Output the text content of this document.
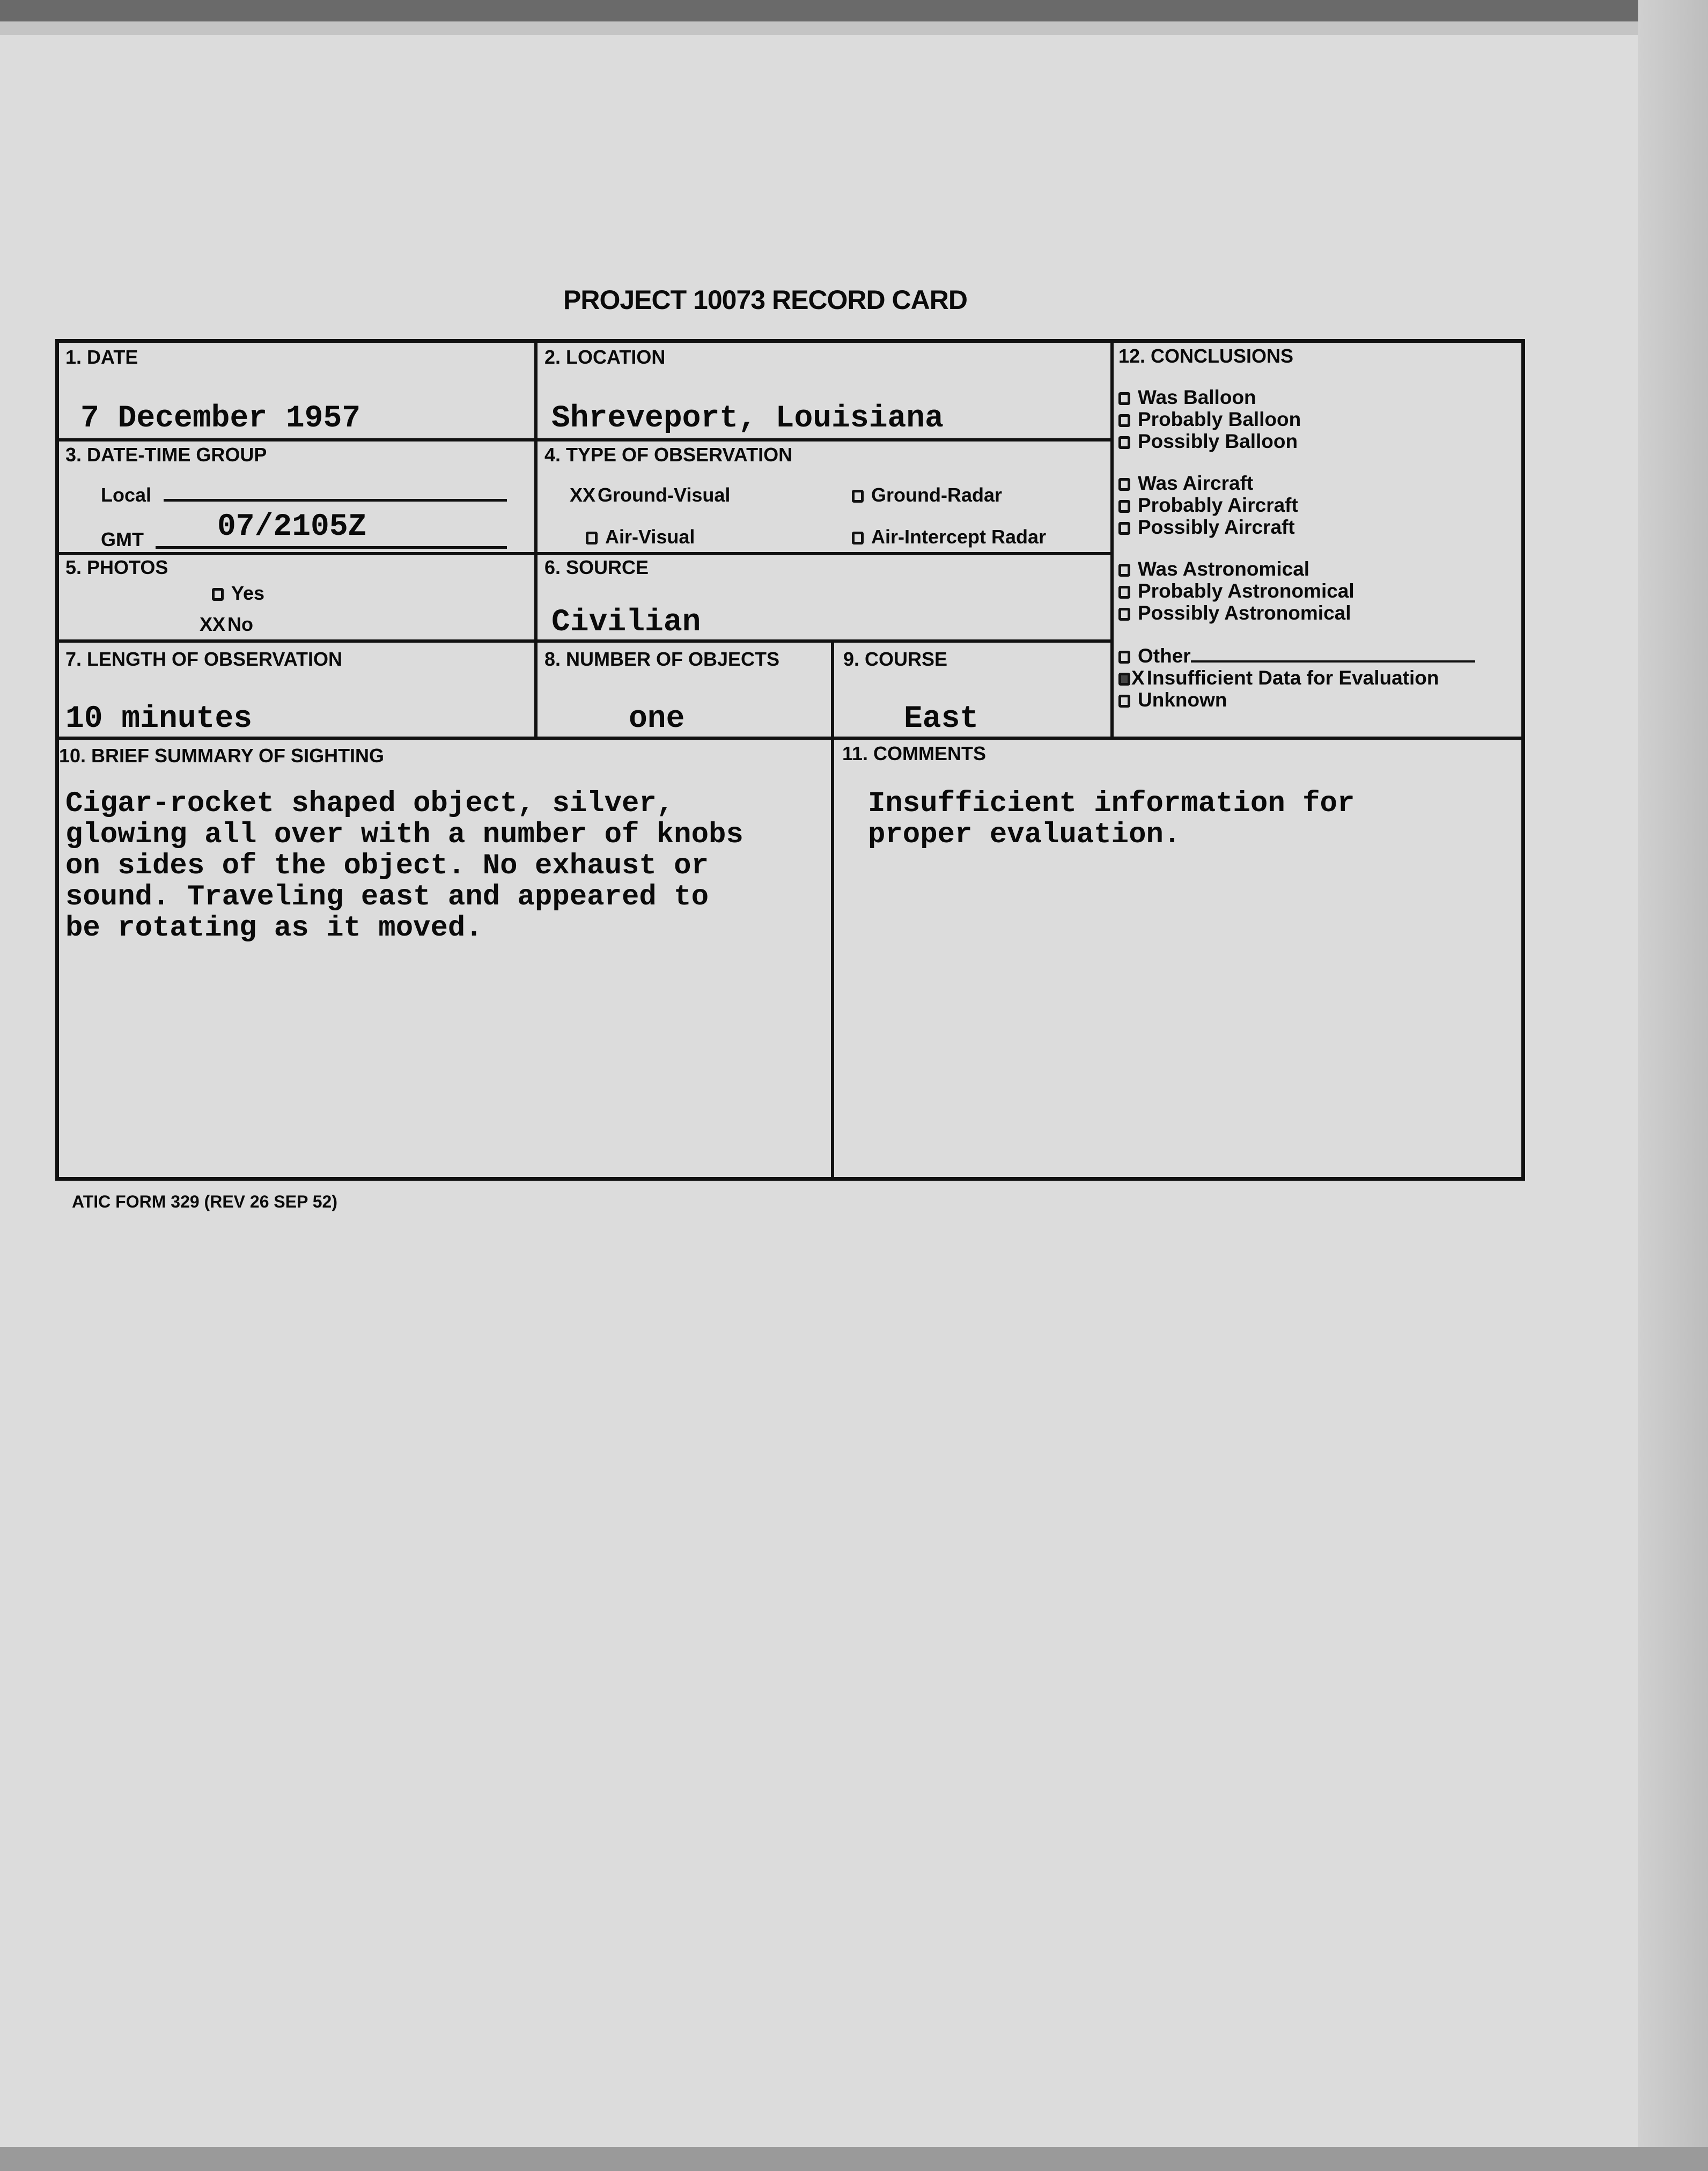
PROJECT 10073 RECORD CARD
1. DATE
7 December 1957
2. LOCATION
Shreveport, Louisiana
3. DATE-TIME GROUP
Local
GMT 07/2105Z
4. TYPE OF OBSERVATION
XX Ground-Visual	Ground-Radar
Air-Visual	Air-Intercept Radar
5. PHOTOS
Yes
XX No
6. SOURCE
Civilian
7. LENGTH OF OBSERVATION
10 minutes
8. NUMBER OF OBJECTS
one
9. COURSE
East
10. BRIEF SUMMARY OF SIGHTING
Cigar-rocket shaped object, silver,
glowing all over with a number of knobs
on sides of the object. No exhaust or
sound. Traveling east and appeared to
be rotating as it moved.
11. COMMENTS
Insufficient information for
proper evaluation.
12. CONCLUSIONS
Was Balloon
Probably Balloon
Possibly Balloon
Was Aircraft
Probably Aircraft
Possibly Aircraft
Was Astronomical
Probably Astronomical
Possibly Astronomical
Other
X Insufficient Data for Evaluation
Unknown
ATIC FORM 329 (REV 26 SEP 52)
